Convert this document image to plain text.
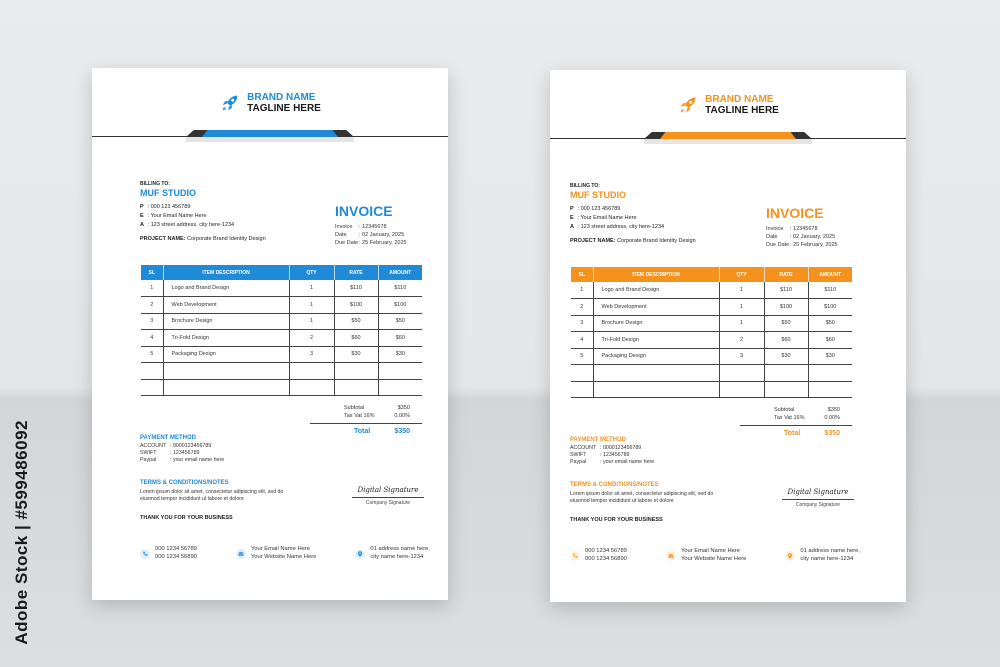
Adobe Stock | #599486092
BRAND NAME
TAGLINE HERE
BILLING TO:
MUF STUDIO
P : 000 123 456789
E : Your Email Name Here
A : 123 street address, city here-1234
PROJECT NAME: Corporate Brand Identity Design
INVOICE
Invoice	: 12345678
Date	: 02 January, 2025
Due Date : 25 February, 2025
SL	ITEM DESCRIPTION	QTY	RATE	AMOUNT
1	Logo and Brand Design	1	$110	$110
2	Web Development	1	$100	$100
3	Brochure Design	1	$50	$50
4	Tri-Fold Design	2	$60	$60
5	Packaging Design	3	$30	$30

Subtotal	$350
Tax Vat 16%	0.00%
Total	$350
PAYMENT METHOD
ACCOUNT : 0000123456789
SWIFT	: 123456789
Paypal	: your email name here
TERMS & CONDITIONS/NOTES
Lorem ipsum dolor sit amet, consectetur adipiscing elit, sed do eiusmod tempor incididunt ut labore et dolore
THANK YOU FOR YOUR BUSINESS
Digital Signature
Company Signature
000 1234 56789
000 1234 56890
Your Email Name Here
Your Website Name Here
01 address name here,
city name here-1234
BRAND NAME
TAGLINE HERE
BILLING TO:
MUF STUDIO
P : 000 123 456789
E : Your Email Name Here
A : 123 street address, city here-1234
PROJECT NAME: Corporate Brand Identity Design
INVOICE
Invoice	: 12345678
Date	: 02 January, 2025
Due Date : 25 February, 2025
SL	ITEM DESCRIPTION	QTY	RATE	AMOUNT
1	Logo and Brand Design	1	$110	$110
2	Web Development	1	$100	$100
3	Brochure Design	1	$50	$50
4	Tri-Fold Design	2	$60	$60
5	Packaging Design	3	$30	$30

Subtotal	$350
Tax Vat 16%	0.00%
Total	$350
PAYMENT METHOD
ACCOUNT : 0000123456789
SWIFT	: 123456789
Paypal	: your email name here
TERMS & CONDITIONS/NOTES
Lorem ipsum dolor sit amet, consectetur adipiscing elit, sed do eiusmod tempor incididunt ut labore et dolore
THANK YOU FOR YOUR BUSINESS
Digital Signature
Company Signature
000 1234 56789
000 1234 56890
Your Email Name Here
Your Website Name Here
01 address name here,
city name here-1234
